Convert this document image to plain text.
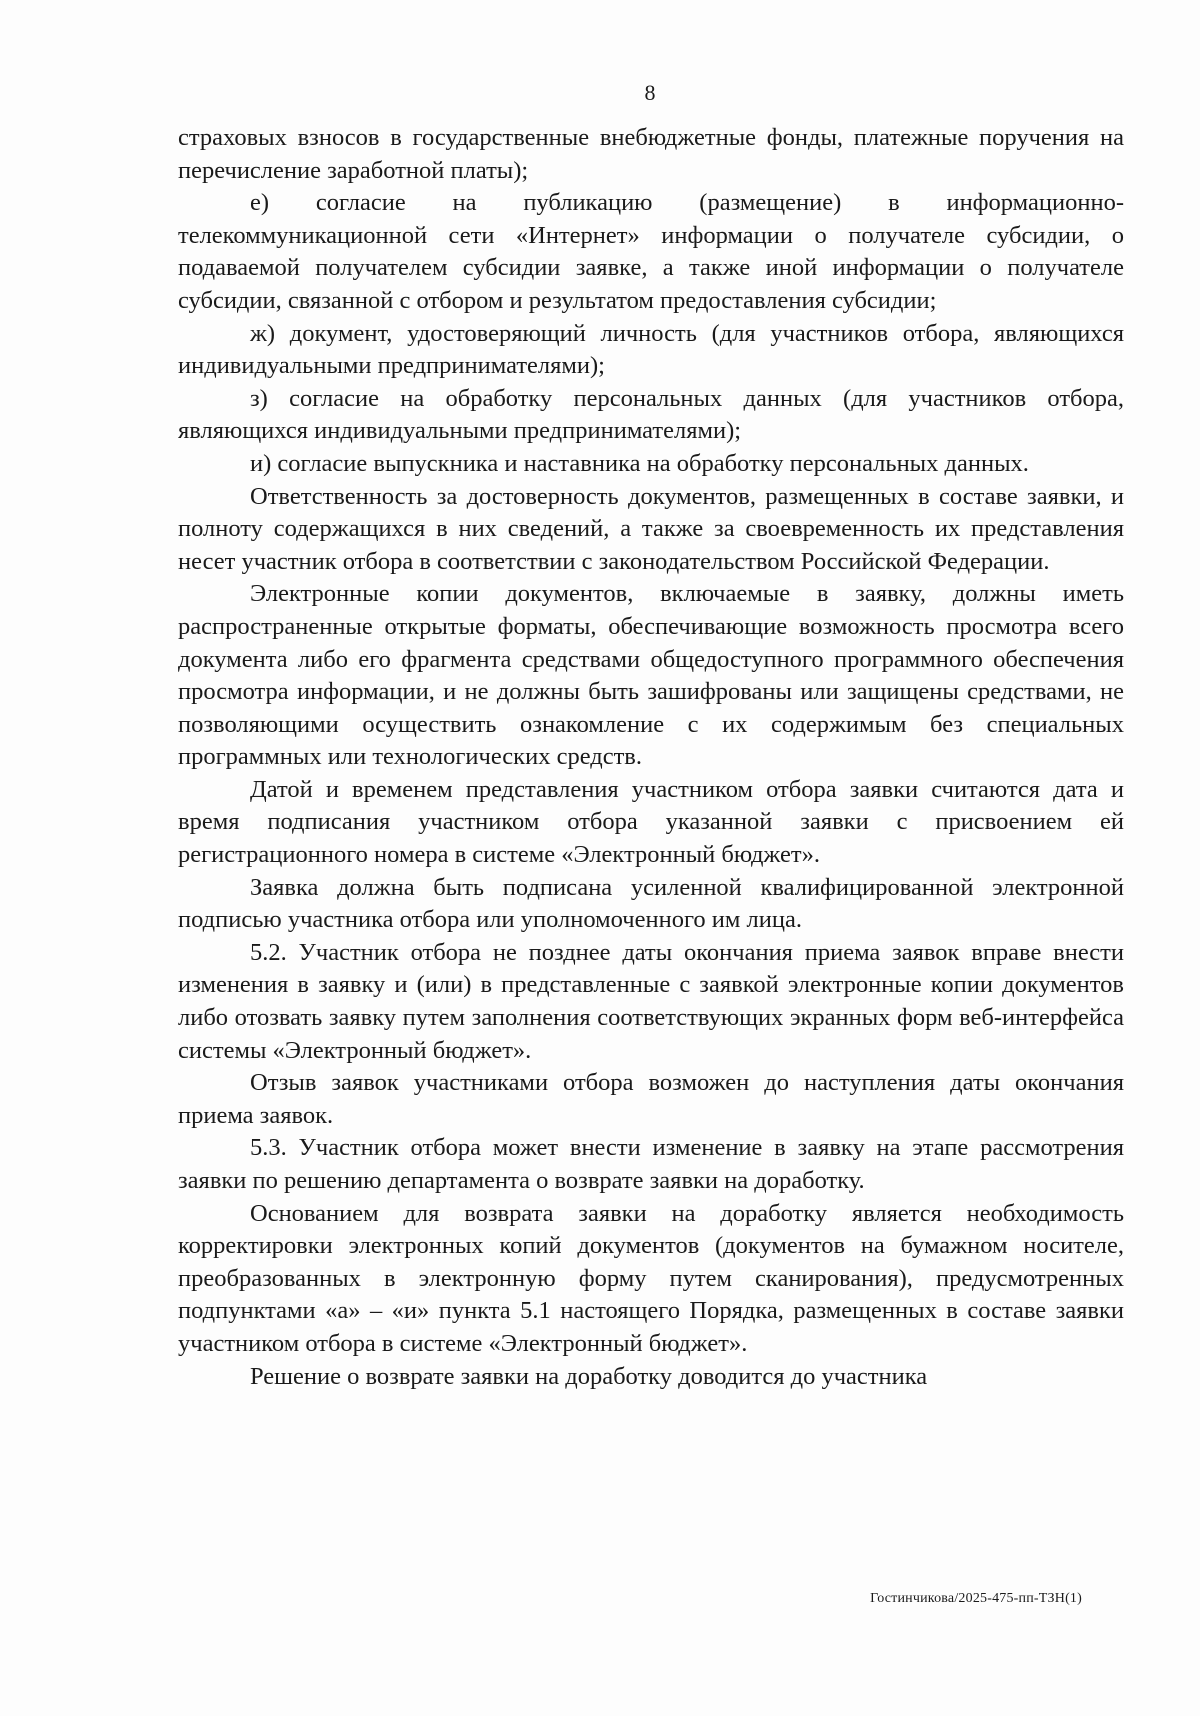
8

страховых взносов в государственные внебюджетные фонды, платежные поручения на перечисление заработной платы);

е) согласие на публикацию (размещение) в информационно-телекоммуникационной сети «Интернет» информации о получателе субсидии, о подаваемой получателем субсидии заявке, а также иной информации о получателе субсидии, связанной с отбором и результатом предоставления субсидии;

ж) документ, удостоверяющий личность (для участников отбора, являющихся индивидуальными предпринимателями);

з) согласие на обработку персональных данных (для участников отбора, являющихся индивидуальными предпринимателями);

и) согласие выпускника и наставника на обработку персональных данных.

Ответственность за достоверность документов, размещенных в составе заявки, и полноту содержащихся в них сведений, а также за своевременность их представления несет участник отбора в соответствии с законодательством Российской Федерации.

Электронные копии документов, включаемые в заявку, должны иметь распространенные открытые форматы, обеспечивающие возможность просмотра всего документа либо его фрагмента средствами общедоступного программного обеспечения просмотра информации, и не должны быть зашифрованы или защищены средствами, не позволяющими осуществить ознакомление с их содержимым без специальных программных или технологических средств.

Датой и временем представления участником отбора заявки считаются дата и время подписания участником отбора указанной заявки с присвоением ей регистрационного номера в системе «Электронный бюджет».

Заявка должна быть подписана усиленной квалифицированной электронной подписью участника отбора или уполномоченного им лица.

5.2. Участник отбора не позднее даты окончания приема заявок вправе внести изменения в заявку и (или) в представленные с заявкой электронные копии документов либо отозвать заявку путем заполнения соответствующих экранных форм веб-интерфейса системы «Электронный бюджет».

Отзыв заявок участниками отбора возможен до наступления даты окончания приема заявок.

5.3. Участник отбора может внести изменение в заявку на этапе рассмотрения заявки по решению департамента о возврате заявки на доработку.

Основанием для возврата заявки на доработку является необходимость корректировки электронных копий документов (документов на бумажном носителе, преобразованных в электронную форму путем сканирования), предусмотренных подпунктами «а» – «и» пункта 5.1 настоящего Порядка, размещенных в составе заявки участником отбора в системе «Электронный бюджет».

Решение о возврате заявки на доработку доводится до участника

Гостинчикова/2025-475-пп-ТЗН(1)
